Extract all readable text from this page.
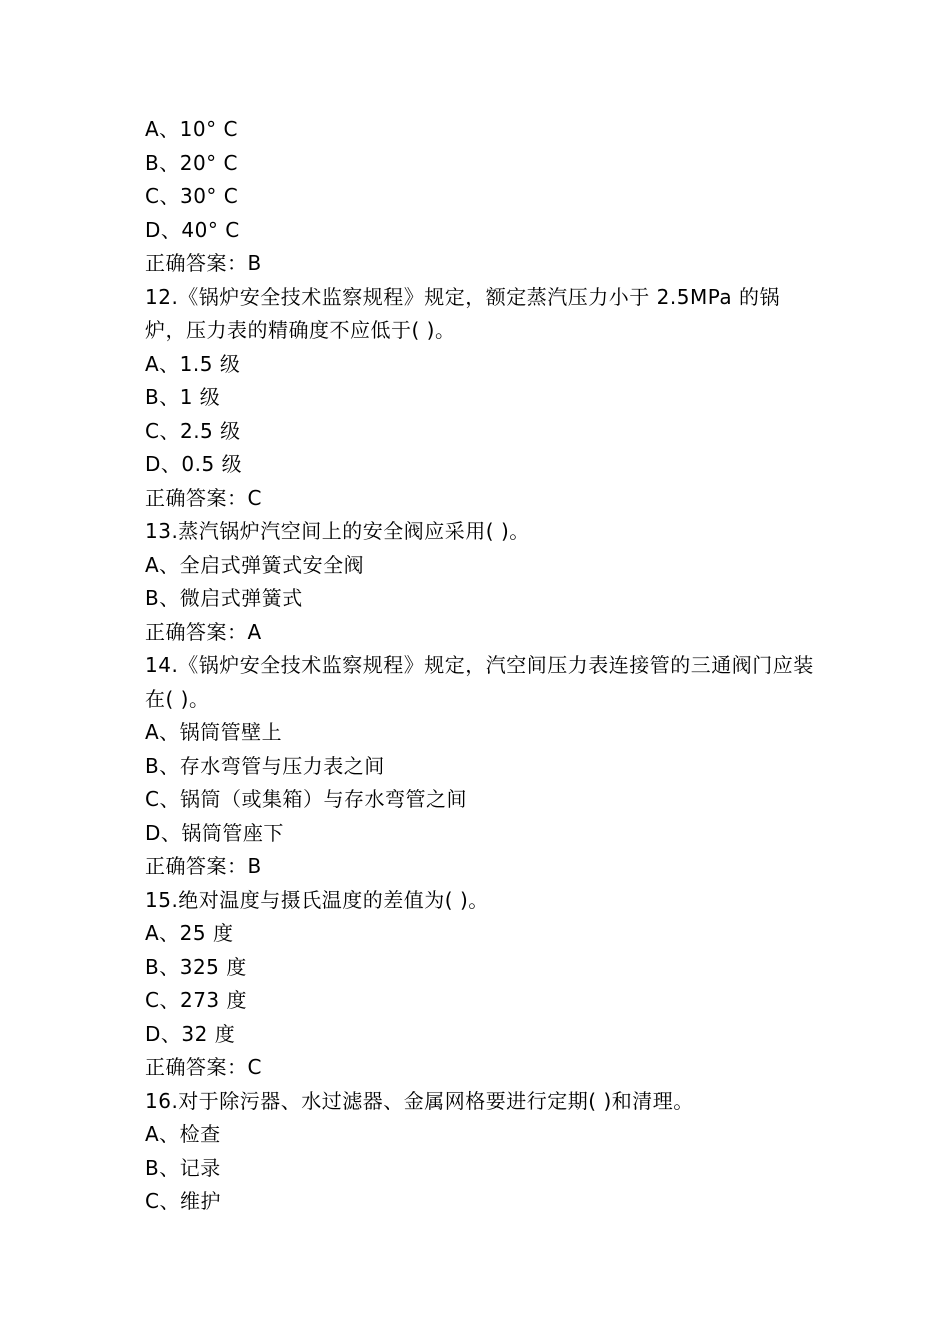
A、10° C
B、20° C
C、30° C
D、40° C
正确答案：B
12.《锅炉安全技术监察规程》规定，额定蒸汽压力小于 2.5MPa 的锅炉，压力表的精确度不应低于( )。
A、1.5 级
B、1 级
C、2.5 级
D、0.5 级
正确答案：C
13.蒸汽锅炉汽空间上的安全阀应采用( )。
A、全启式弹簧式安全阀
B、微启式弹簧式
正确答案：A
14.《锅炉安全技术监察规程》规定，汽空间压力表连接管的三通阀门应装在( )。
A、锅筒管壁上
B、存水弯管与压力表之间
C、锅筒（或集箱）与存水弯管之间
D、锅筒管座下
正确答案：B
15.绝对温度与摄氏温度的差值为( )。
A、25 度
B、325 度
C、273 度
D、32 度
正确答案：C
16.对于除污器、水过滤器、金属网格要进行定期( )和清理。
A、检查
B、记录
C、维护
